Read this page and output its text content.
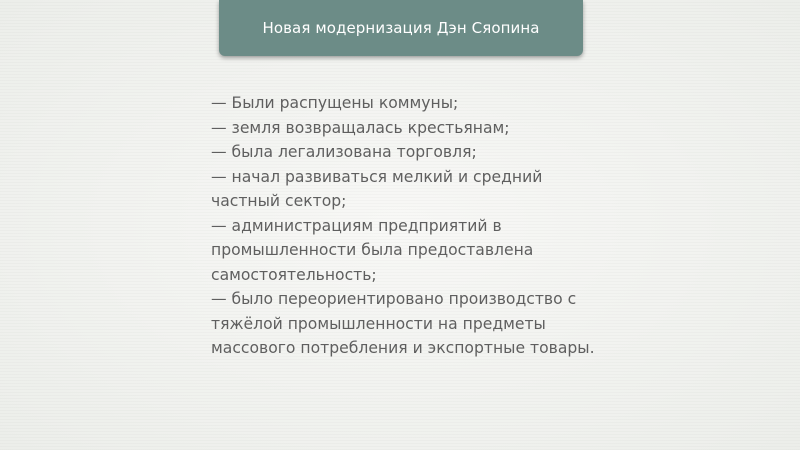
Новая модернизация Дэн Сяопина
— Были распущены коммуны;
— земля возвращалась крестьянам;
— была легализована торговля;
— начал развиваться мелкий и средний
частный сектор;
— администрациям предприятий в
промышленности была предоставлена
самостоятельность;
— было переориентировано производство с
тяжёлой промышленности на предметы
массового потребления и экспортные товары.
